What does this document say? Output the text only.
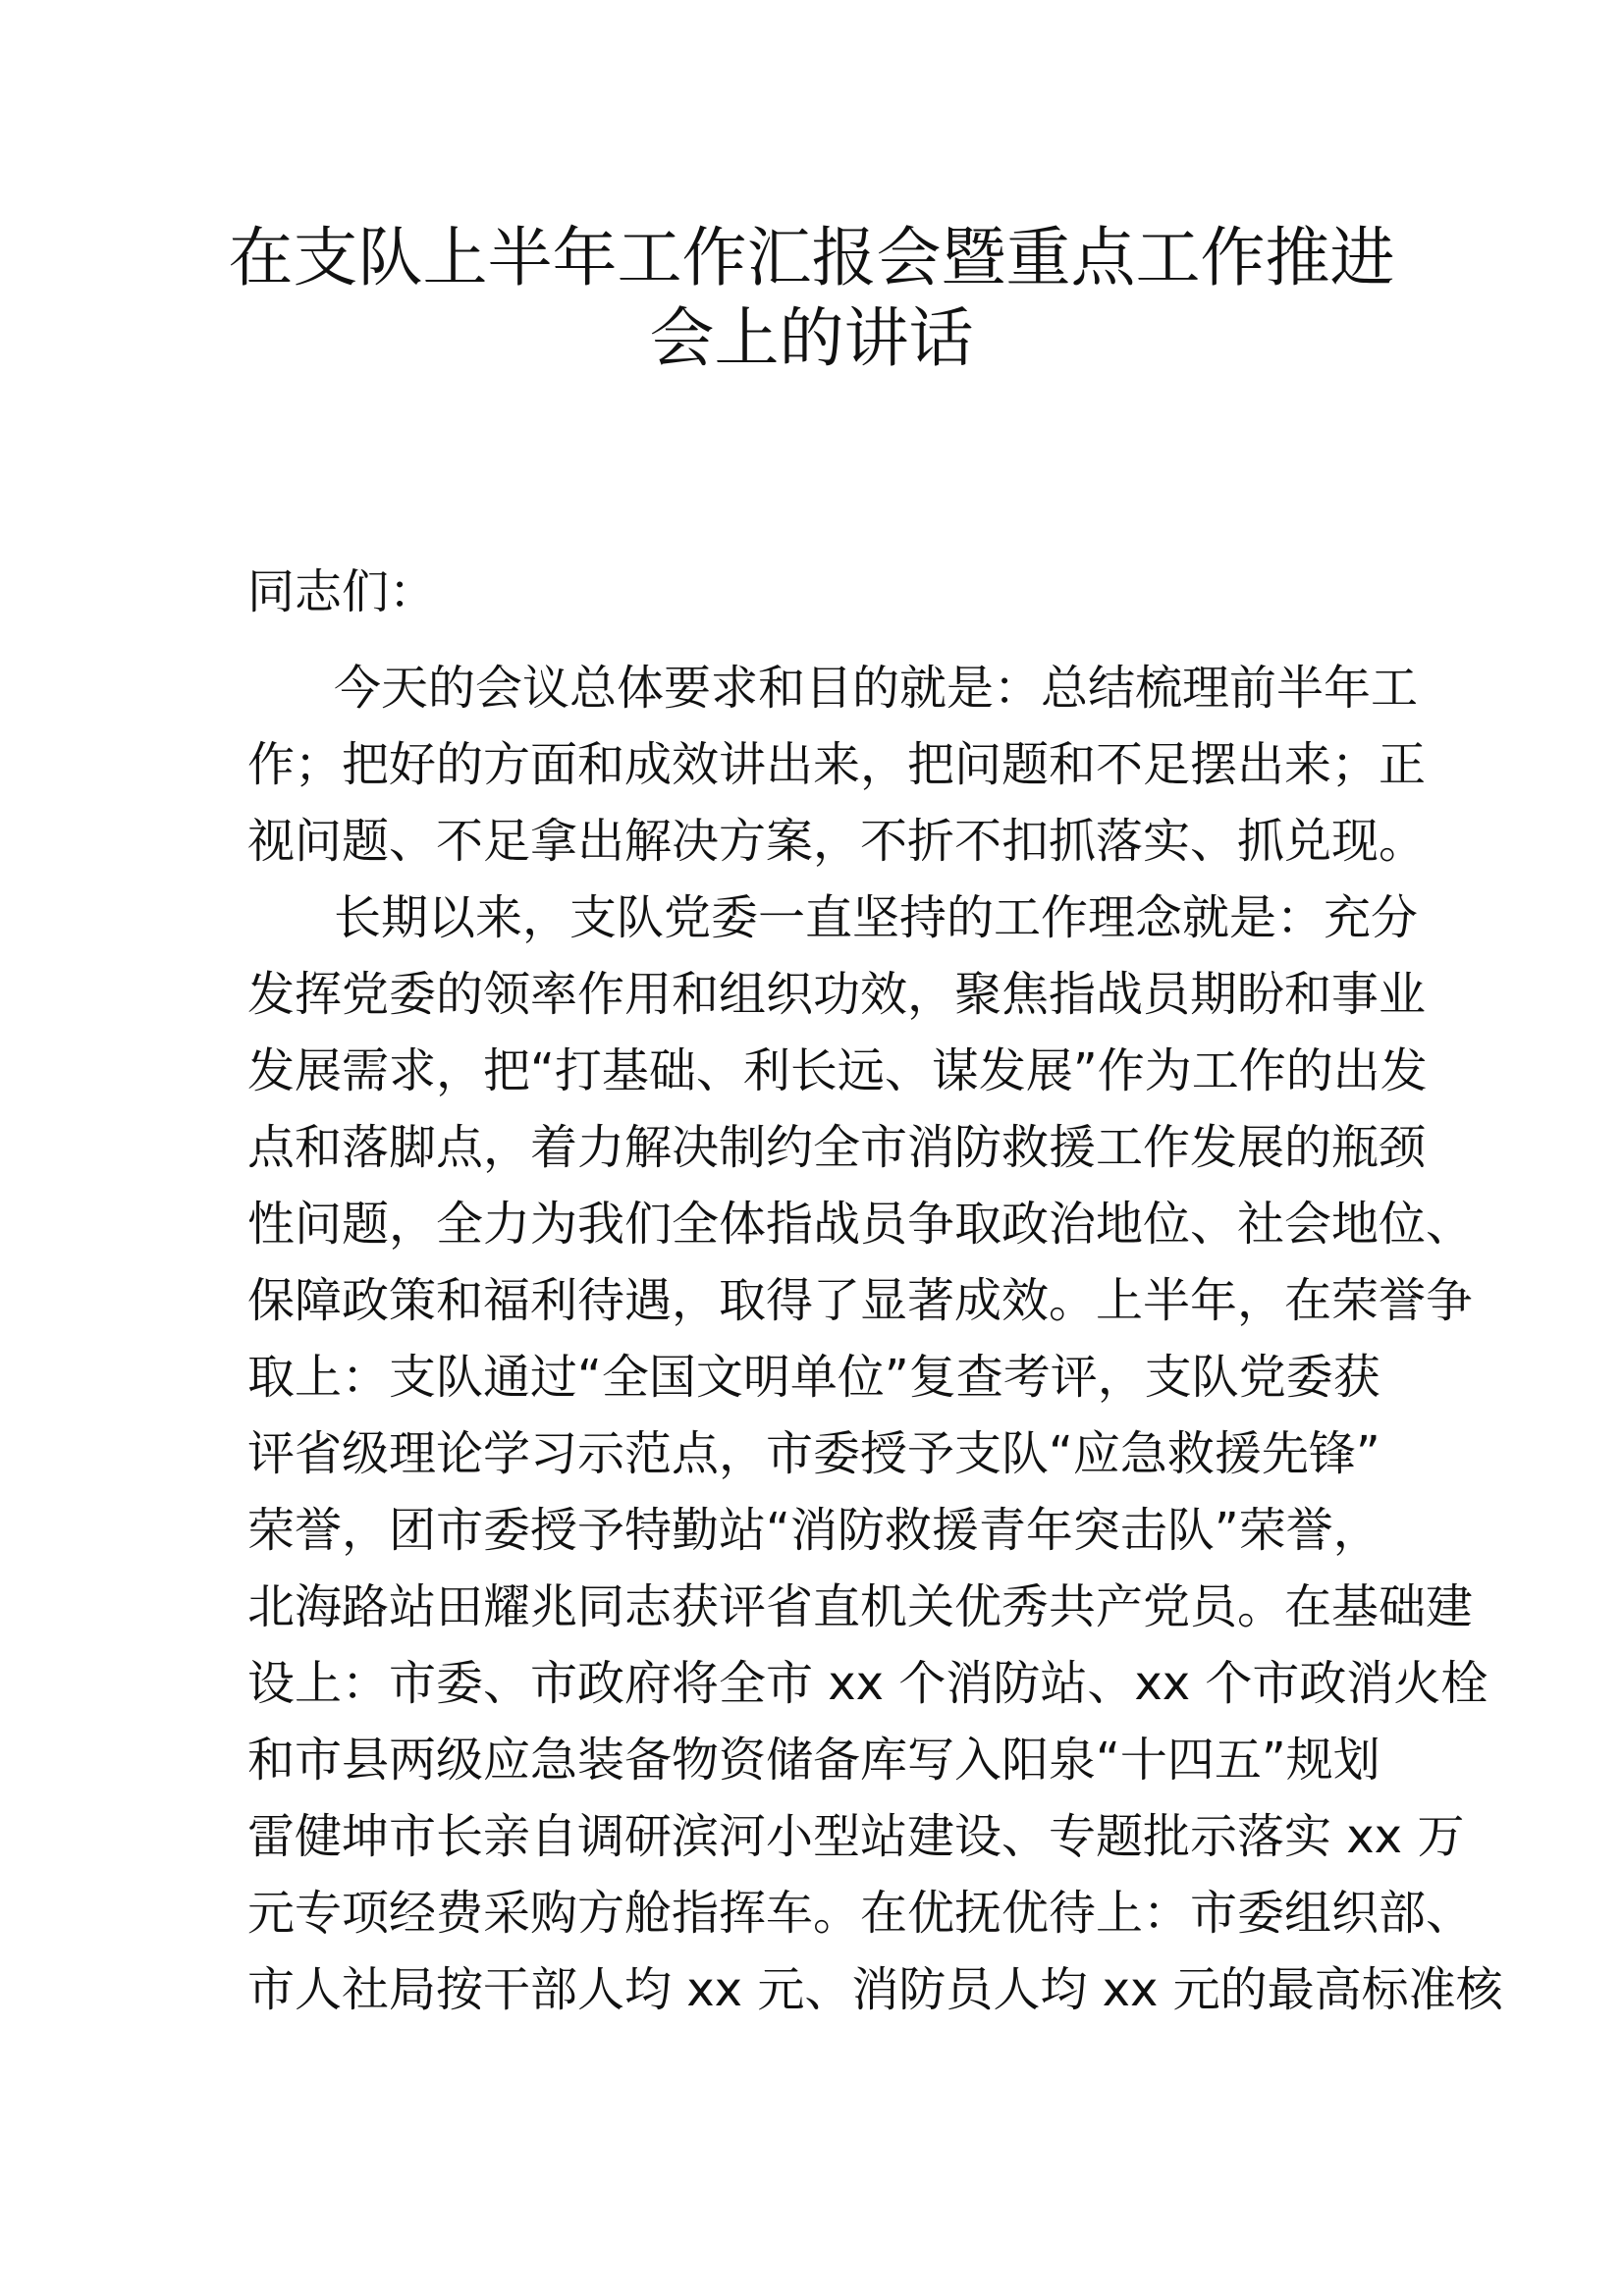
在支队上半年工作汇报会暨重点工作推进
会上的讲话

同志们：

今天的会议总体要求和目的就是：总结梳理前半年工

作；把好的方面和成效讲出来，把问题和不足摆出来；正

视问题、不足拿出解决方案，不折不扣抓落实、抓兑现。

长期以来，支队党委一直坚持的工作理念就是：充分

发挥党委的领率作用和组织功效，聚焦指战员期盼和事业

发展需求，把“打基础、利长远、谋发展”作为工作的出发

点和落脚点，着力解决制约全市消防救援工作发展的瓶颈

性问题，全力为我们全体指战员争取政治地位、社会地位、

保障政策和福利待遇，取得了显著成效。上半年，在荣誉争

取上：支队通过“全国文明单位”复查考评，支队党委获

评省级理论学习示范点，市委授予支队“应急救援先锋”

荣誉，团市委授予特勤站“消防救援青年突击队”荣誉，

北海路站田耀兆同志获评省直机关优秀共产党员。在基础建

设上：市委、市政府将全市 xx 个消防站、xx 个市政消火栓

和市县两级应急装备物资储备库写入阳泉“十四五”规划

雷健坤市长亲自调研滨河小型站建设、专题批示落实 xx 万

元专项经费采购方舱指挥车。在优抚优待上：市委组织部、

市人社局按干部人均 xx 元、消防员人均 xx 元的最高标准核
